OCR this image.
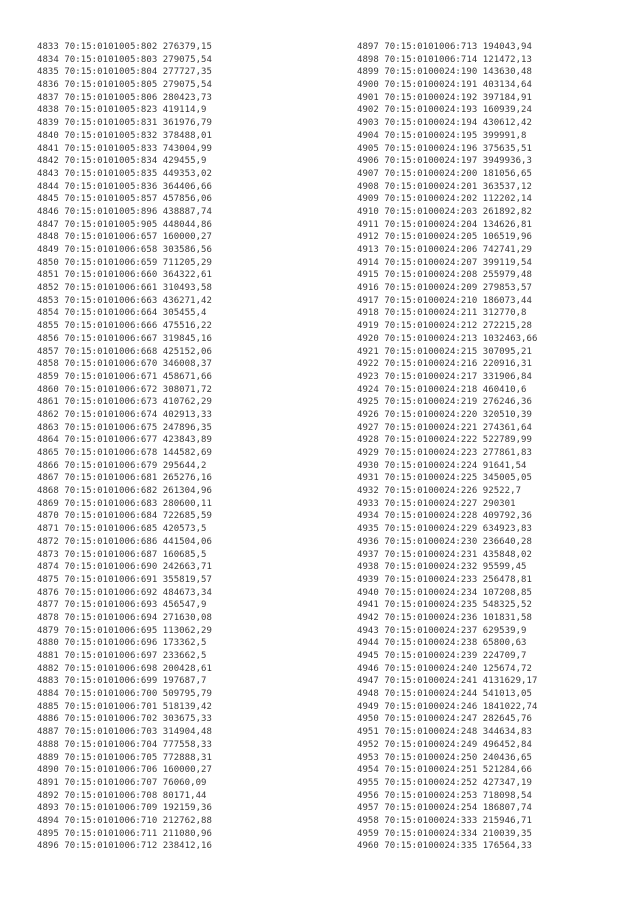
4833 70:15:0101005:802 276379,15
4834 70:15:0101005:803 279075,54
4835 70:15:0101005:804 277727,35
4836 70:15:0101005:805 279075,54
4837 70:15:0101005:806 280423,73
4838 70:15:0101005:823 419114,9
4839 70:15:0101005:831 361976,79
4840 70:15:0101005:832 378488,01
4841 70:15:0101005:833 743004,99
4842 70:15:0101005:834 429455,9
4843 70:15:0101005:835 449353,02
4844 70:15:0101005:836 364406,66
4845 70:15:0101005:857 457856,06
4846 70:15:0101005:896 438887,74
4847 70:15:0101005:905 448044,86
4848 70:15:0101006:657 160000,27
4849 70:15:0101006:658 303586,56
4850 70:15:0101006:659 711205,29
4851 70:15:0101006:660 364322,61
4852 70:15:0101006:661 310493,58
4853 70:15:0101006:663 436271,42
4854 70:15:0101006:664 305455,4
4855 70:15:0101006:666 475516,22
4856 70:15:0101006:667 319845,16
4857 70:15:0101006:668 425152,06
4858 70:15:0101006:670 346008,37
4859 70:15:0101006:671 458671,66
4860 70:15:0101006:672 308071,72
4861 70:15:0101006:673 410762,29
4862 70:15:0101006:674 402913,33
4863 70:15:0101006:675 247896,35
4864 70:15:0101006:677 423843,89
4865 70:15:0101006:678 144582,69
4866 70:15:0101006:679 295644,2
4867 70:15:0101006:681 265276,16
4868 70:15:0101006:682 261304,96
4869 70:15:0101006:683 280600,11
4870 70:15:0101006:684 722685,59
4871 70:15:0101006:685 420573,5
4872 70:15:0101006:686 441504,06
4873 70:15:0101006:687 160685,5
4874 70:15:0101006:690 242663,71
4875 70:15:0101006:691 355819,57
4876 70:15:0101006:692 484673,34
4877 70:15:0101006:693 456547,9
4878 70:15:0101006:694 271630,08
4879 70:15:0101006:695 113062,29
4880 70:15:0101006:696 173362,5
4881 70:15:0101006:697 233662,5
4882 70:15:0101006:698 200428,61
4883 70:15:0101006:699 197687,7
4884 70:15:0101006:700 509795,79
4885 70:15:0101006:701 518139,42
4886 70:15:0101006:702 303675,33
4887 70:15:0101006:703 314904,48
4888 70:15:0101006:704 777558,33
4889 70:15:0101006:705 772888,31
4890 70:15:0101006:706 160000,27
4891 70:15:0101006:707 76060,09
4892 70:15:0101006:708 80171,44
4893 70:15:0101006:709 192159,36
4894 70:15:0101006:710 212762,88
4895 70:15:0101006:711 211080,96
4896 70:15:0101006:712 238412,16
4897 70:15:0101006:713 194043,94
4898 70:15:0101006:714 121472,13
4899 70:15:0100024:190 143630,48
4900 70:15:0100024:191 403134,64
4901 70:15:0100024:192 397184,91
4902 70:15:0100024:193 160939,24
4903 70:15:0100024:194 430612,42
4904 70:15:0100024:195 399991,8
4905 70:15:0100024:196 375635,51
4906 70:15:0100024:197 3949936,3
4907 70:15:0100024:200 181056,65
4908 70:15:0100024:201 363537,12
4909 70:15:0100024:202 112202,14
4910 70:15:0100024:203 261892,82
4911 70:15:0100024:204 134626,81
4912 70:15:0100024:205 106519,96
4913 70:15:0100024:206 742741,29
4914 70:15:0100024:207 399119,54
4915 70:15:0100024:208 255979,48
4916 70:15:0100024:209 279853,57
4917 70:15:0100024:210 186073,44
4918 70:15:0100024:211 312770,8
4919 70:15:0100024:212 272215,28
4920 70:15:0100024:213 1032463,66
4921 70:15:0100024:215 307095,21
4922 70:15:0100024:216 220916,31
4923 70:15:0100024:217 331906,84
4924 70:15:0100024:218 460410,6
4925 70:15:0100024:219 276246,36
4926 70:15:0100024:220 320510,39
4927 70:15:0100024:221 274361,64
4928 70:15:0100024:222 522789,99
4929 70:15:0100024:223 277861,83
4930 70:15:0100024:224 91641,54
4931 70:15:0100024:225 345005,05
4932 70:15:0100024:226 92522,7
4933 70:15:0100024:227 290301
4934 70:15:0100024:228 409792,36
4935 70:15:0100024:229 634923,83
4936 70:15:0100024:230 236640,28
4937 70:15:0100024:231 435848,02
4938 70:15:0100024:232 95599,45
4939 70:15:0100024:233 256478,81
4940 70:15:0100024:234 107208,85
4941 70:15:0100024:235 548325,52
4942 70:15:0100024:236 101831,58
4943 70:15:0100024:237 629539,9
4944 70:15:0100024:238 65800,63
4945 70:15:0100024:239 224709,7
4946 70:15:0100024:240 125674,72
4947 70:15:0100024:241 4131629,17
4948 70:15:0100024:244 541013,05
4949 70:15:0100024:246 1841022,74
4950 70:15:0100024:247 282645,76
4951 70:15:0100024:248 344634,83
4952 70:15:0100024:249 496452,84
4953 70:15:0100024:250 240436,65
4954 70:15:0100024:251 521284,66
4955 70:15:0100024:252 427347,19
4956 70:15:0100024:253 718098,54
4957 70:15:0100024:254 186807,74
4958 70:15:0100024:333 215946,71
4959 70:15:0100024:334 210039,35
4960 70:15:0100024:335 176564,33
